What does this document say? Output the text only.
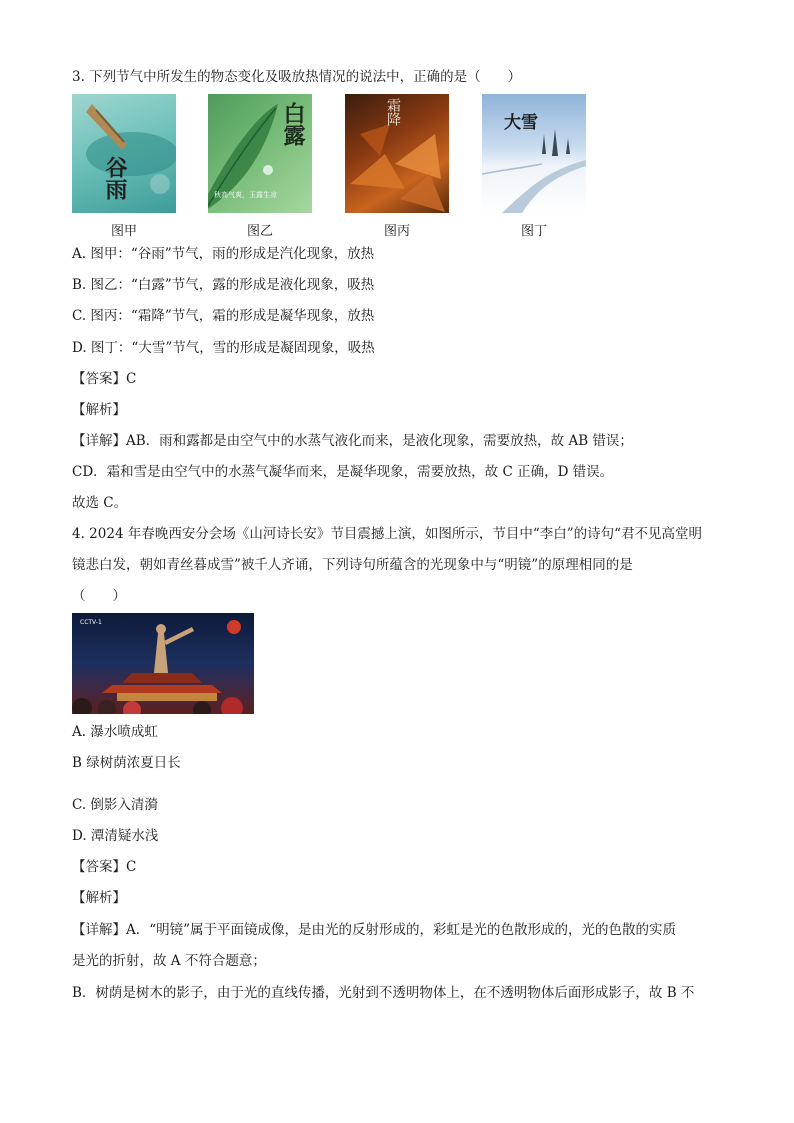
3. 下列节气中所发生的物态变化及吸放热情况的说法中，正确的是（　　）
谷雨
图甲
白露
秋高气爽，玉露生凉
图乙
霜降
图丙
大雪
图丁
A. 图甲：“谷雨”节气，雨的形成是汽化现象，放热
B. 图乙：“白露”节气，露的形成是液化现象，吸热
C. 图丙：“霜降”节气，霜的形成是凝华现象，放热
D. 图丁：“大雪”节气，雪的形成是凝固现象，吸热
【答案】C
【解析】
【详解】AB．雨和露都是由空气中的水蒸气液化而来，是液化现象，需要放热，故 AB 错误；
CD．霜和雪是由空气中的水蒸气凝华而来，是凝华现象，需要放热，故 C 正确，D 错误。
故选 C。
4. 2024 年春晚西安分会场《山河诗长安》节目震撼上演，如图所示，节目中“李白”的诗句“君不见高堂明
镜悲白发，朝如青丝暮成雪”被千人齐诵，下列诗句所蕴含的光现象中与“明镜”的原理相同的是
（　　）
CCTV-1
A. 瀑水喷成虹
B 绿树荫浓夏日长
C. 倒影入清漪
D. 潭清疑水浅
【答案】C
【解析】
【详解】A．“明镜”属于平面镜成像，是由光的反射形成的，彩虹是光的色散形成的，光的色散的实质
是光的折射，故 A 不符合题意；
B．树荫是树木的影子，由于光的直线传播，光射到不透明物体上，在不透明物体后面形成影子，故 B 不
